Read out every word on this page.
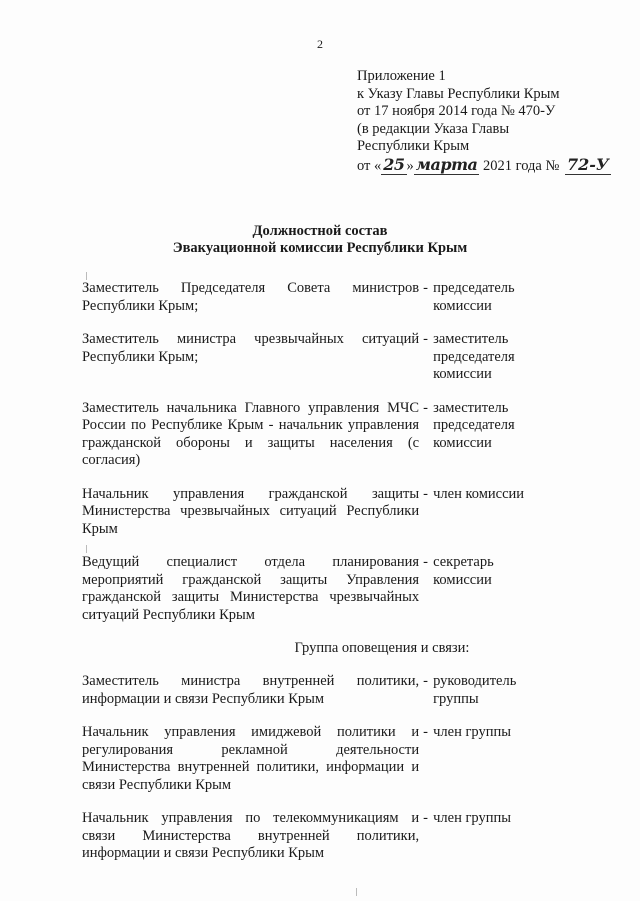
2
Приложение 1
к Указу Главы Республики Крым
от 17 ноября 2014 года № 470-У
(в редакции Указа Главы
Республики Крым
от « 25 » марта 2021 года № 72-У
Должностной состав
Эвакуационной комиссии Республики Крым
Заместитель Председателя Совета министров Республики Крым;
- председатель комиссии
Заместитель министра чрезвычайных ситуаций Республики Крым;
- заместитель председателя комиссии
Заместитель начальника Главного управления МЧС России по Республике Крым - начальник управления гражданской обороны и защиты населения (с согласия)
- заместитель председателя комиссии
Начальник управления гражданской защиты Министерства чрезвычайных ситуаций Республики Крым
- член комиссии
Ведущий специалист отдела планирования мероприятий гражданской защиты Управления гражданской защиты Министерства чрезвычайных ситуаций Республики Крым
- секретарь комиссии
Группа оповещения и связи:
Заместитель министра внутренней политики, информации и связи Республики Крым
- руководитель группы
Начальник управления имиджевой политики и регулирования рекламной деятельности Министерства внутренней политики, информации и связи Республики Крым
- член группы
Начальник управления по телекоммуникациям и связи Министерства внутренней политики, информации и связи Республики Крым
- член группы
